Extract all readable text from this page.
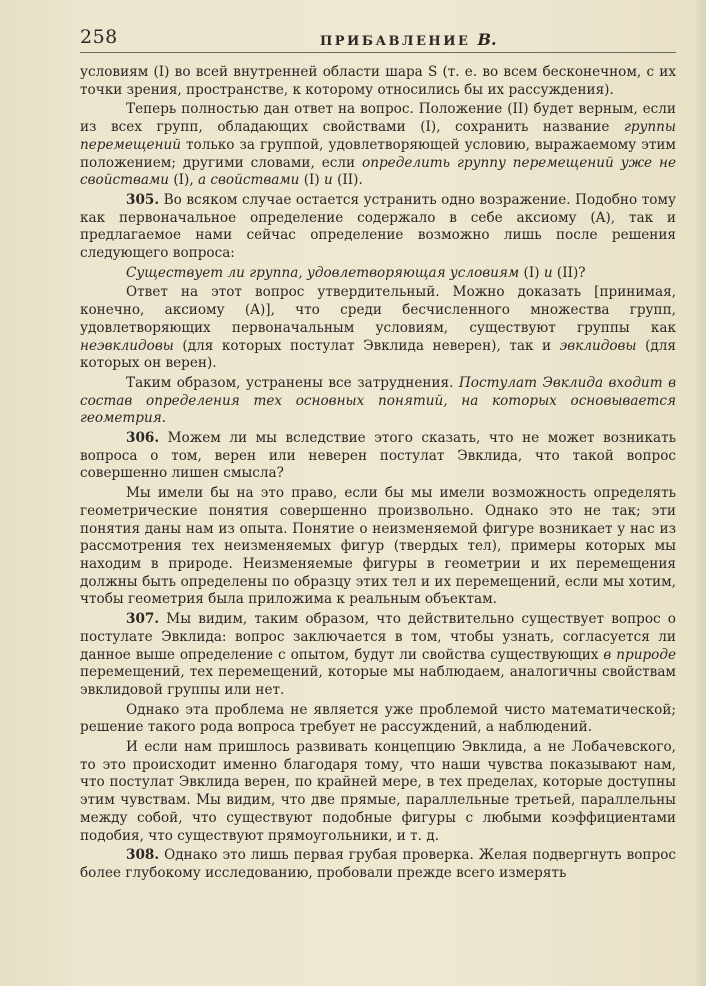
258	ПРИБАВЛЕНИЕ B.

условиям (I) во всей внутренней области шара S (т. е. во всем бесконечном, с их точки зрения, пространстве, к которому относились бы их рассуждения).

Теперь полностью дан ответ на вопрос. Положение (II) будет верным, если из всех групп, обладающих свойствами (I), сохранить название группы перемещений только за группой, удовлетворяющей условию, выражаемому этим положением; другими словами, если определить группу перемещений уже не свойствами (I), а свойствами (I) и (II).

305. Во всяком случае остается устранить одно возражение. Подобно тому как первоначальное определение содержало в себе аксиому (A), так и предлагаемое нами сейчас определение возможно лишь после решения следующего вопроса:

Существует ли группа, удовлетворяющая условиям (I) и (II)?

Ответ на этот вопрос утвердительный. Можно доказать [принимая, конечно, аксиому (A)], что среди бесчисленного множества групп, удовлетворяющих первоначальным условиям, существуют группы как неэвклидовы (для которых постулат Эвклида неверен), так и эвклидовы (для которых он верен).

Таким образом, устранены все затруднения. Постулат Эвклида входит в состав определения тех основных понятий, на которых основывается геометрия.

306. Можем ли мы вследствие этого сказать, что не может возникать вопроса о том, верен или неверен постулат Эвклида, что такой вопрос совершенно лишен смысла?

Мы имели бы на это право, если бы мы имели возможность определять геометрические понятия совершенно произвольно. Однако это не так; эти понятия даны нам из опыта. Понятие о неизменяемой фигуре возникает у нас из рассмотрения тех неизменяемых фигур (твердых тел), примеры которых мы находим в природе. Неизменяемые фигуры в геометрии и их перемещения должны быть определены по образцу этих тел и их перемещений, если мы хотим, чтобы геометрия была приложима к реальным объектам.

307. Мы видим, таким образом, что действительно существует вопрос о постулате Эвклида: вопрос заключается в том, чтобы узнать, согласуется ли данное выше определение с опытом, будут ли свойства существующих в природе перемещений, тех перемещений, которые мы наблюдаем, аналогичны свойствам эвклидовой группы или нет.

Однако эта проблема не является уже проблемой чисто математической; решение такого рода вопроса требует не рассуждений, а наблюдений.

И если нам пришлось развивать концепцию Эвклида, а не Лобачевского, то это происходит именно благодаря тому, что наши чувства показывают нам, что постулат Эвклида верен, по крайней мере, в тех пределах, которые доступны этим чувствам. Мы видим, что две прямые, параллельные третьей, параллельны между собой, что существуют подобные фигуры с любыми коэффициентами подобия, что существуют прямоугольники, и т. д.

308. Однако это лишь первая грубая проверка. Желая подвергнуть вопрос более глубокому исследованию, пробовали прежде всего измерять
